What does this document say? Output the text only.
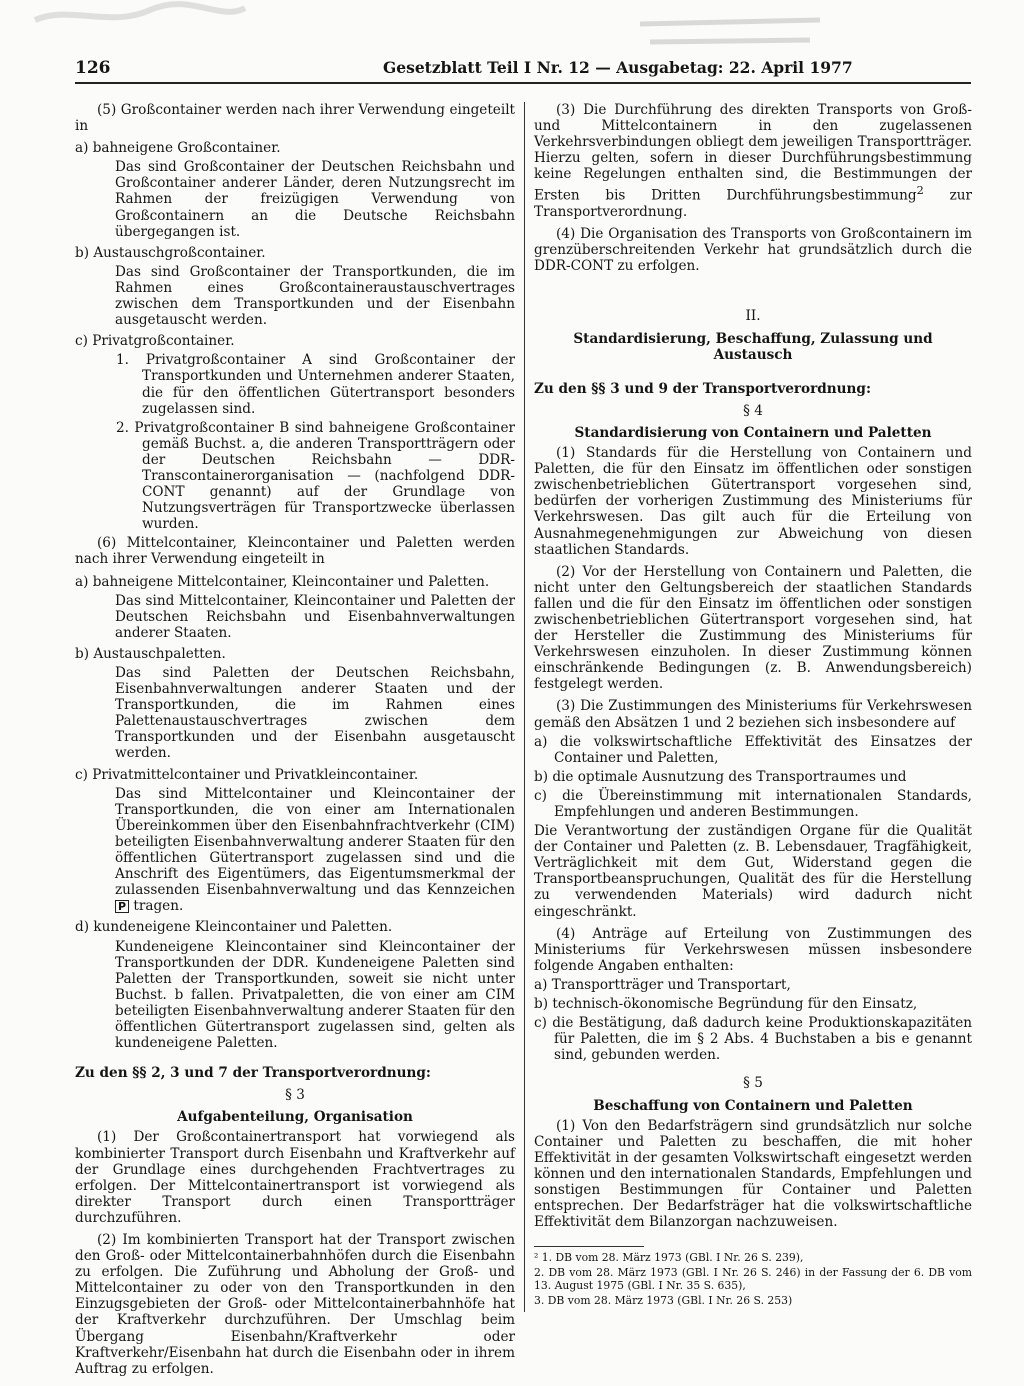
126	Gesetzblatt Teil I Nr. 12 — Ausgabetag: 22. April 1977

(5) Großcontainer werden nach ihrer Verwendung eingeteilt in

a) bahneigene Großcontainer.

Das sind Großcontainer der Deutschen Reichsbahn und Großcontainer anderer Länder, deren Nutzungsrecht im Rahmen der freizügigen Verwendung von Großcontainern an die Deutsche Reichsbahn übergegangen ist.

b) Austauschgroßcontainer.

Das sind Großcontainer der Transportkunden, die im Rahmen eines Großcontaineraustauschvertrages zwischen dem Transportkunden und der Eisenbahn ausgetauscht werden.

c) Privatgroßcontainer.

1. Privatgroßcontainer A sind Großcontainer der Transportkunden und Unternehmen anderer Staaten, die für den öffentlichen Gütertransport besonders zugelassen sind.

2. Privatgroßcontainer B sind bahneigene Großcontainer gemäß Buchst. a, die anderen Transportträgern oder der Deutschen Reichsbahn — DDR-Transcontainerorganisation — (nachfolgend DDR-CONT genannt) auf der Grundlage von Nutzungsverträgen für Transportzwecke überlassen wurden.

(6) Mittelcontainer, Kleincontainer und Paletten werden nach ihrer Verwendung eingeteilt in

a) bahneigene Mittelcontainer, Kleincontainer und Paletten.

Das sind Mittelcontainer, Kleincontainer und Paletten der Deutschen Reichsbahn und Eisenbahnverwaltungen anderer Staaten.

b) Austauschpaletten.

Das sind Paletten der Deutschen Reichsbahn, Eisenbahnverwaltungen anderer Staaten und der Transportkunden, die im Rahmen eines Palettenaustauschvertrages zwischen dem Transportkunden und der Eisenbahn ausgetauscht werden.

c) Privatmittelcontainer und Privatkleincontainer.

Das sind Mittelcontainer und Kleincontainer der Transportkunden, die von einer am Internationalen Übereinkommen über den Eisenbahnfrachtverkehr (CIM) beteiligten Eisenbahnverwaltung anderer Staaten für den öffentlichen Gütertransport zugelassen sind und die Anschrift des Eigentümers, das Eigentumsmerkmal der zulassenden Eisenbahnverwaltung und das Kennzeichen P tragen.

d) kundeneigene Kleincontainer und Paletten.

Kundeneigene Kleincontainer sind Kleincontainer der Transportkunden der DDR. Kundeneigene Paletten sind Paletten der Transportkunden, soweit sie nicht unter Buchst. b fallen. Privatpaletten, die von einer am CIM beteiligten Eisenbahnverwaltung anderer Staaten für den öffentlichen Gütertransport zugelassen sind, gelten als kundeneigene Paletten.

Zu den §§ 2, 3 und 7 der Transportverordnung:

§ 3

Aufgabenteilung, Organisation

(1) Der Großcontainertransport hat vorwiegend als kombinierter Transport durch Eisenbahn und Kraftverkehr auf der Grundlage eines durchgehenden Frachtvertrages zu erfolgen. Der Mittelcontainertransport ist vorwiegend als direkter Transport durch einen Transportträger durchzuführen.

(2) Im kombinierten Transport hat der Transport zwischen den Groß- oder Mittelcontainerbahnhöfen durch die Eisenbahn zu erfolgen. Die Zuführung und Abholung der Groß- und Mittelcontainer zu oder von den Transportkunden in den Einzugsgebieten der Groß- oder Mittelcontainerbahnhöfe hat der Kraftverkehr durchzuführen. Der Umschlag beim Übergang Eisenbahn/Kraftverkehr oder Kraftverkehr/Eisenbahn hat durch die Eisenbahn oder in ihrem Auftrag zu erfolgen.

(3) Die Durchführung des direkten Transports von Groß- und Mittelcontainern in den zugelassenen Verkehrsverbindungen obliegt dem jeweiligen Transportträger. Hierzu gelten, sofern in dieser Durchführungsbestimmung keine Regelungen enthalten sind, die Bestimmungen der Ersten bis Dritten Durchführungsbestimmung$^2$ zur Transportverordnung.

(4) Die Organisation des Transports von Großcontainern im grenzüberschreitenden Verkehr hat grundsätzlich durch die DDR-CONT zu erfolgen.

II.

Standardisierung, Beschaffung, Zulassung und Austausch

Zu den §§ 3 und 9 der Transportverordnung:

§ 4

Standardisierung von Containern und Paletten

(1) Standards für die Herstellung von Containern und Paletten, die für den Einsatz im öffentlichen oder sonstigen zwischenbetrieblichen Gütertransport vorgesehen sind, bedürfen der vorherigen Zustimmung des Ministeriums für Verkehrswesen. Das gilt auch für die Erteilung von Ausnahmegenehmigungen zur Abweichung von diesen staatlichen Standards.

(2) Vor der Herstellung von Containern und Paletten, die nicht unter den Geltungsbereich der staatlichen Standards fallen und die für den Einsatz im öffentlichen oder sonstigen zwischenbetrieblichen Gütertransport vorgesehen sind, hat der Hersteller die Zustimmung des Ministeriums für Verkehrswesen einzuholen. In dieser Zustimmung können einschränkende Bedingungen (z. B. Anwendungsbereich) festgelegt werden.

(3) Die Zustimmungen des Ministeriums für Verkehrswesen gemäß den Absätzen 1 und 2 beziehen sich insbesondere auf

a) die volkswirtschaftliche Effektivität des Einsatzes der Container und Paletten,

b) die optimale Ausnutzung des Transportraumes und

c) die Übereinstimmung mit internationalen Standards, Empfehlungen und anderen Bestimmungen.

Die Verantwortung der zuständigen Organe für die Qualität der Container und Paletten (z. B. Lebensdauer, Tragfähigkeit, Verträglichkeit mit dem Gut, Widerstand gegen die Transportbeanspruchungen, Qualität des für die Herstellung zu verwendenden Materials) wird dadurch nicht eingeschränkt.

(4) Anträge auf Erteilung von Zustimmungen des Ministeriums für Verkehrswesen müssen insbesondere folgende Angaben enthalten:

a) Transportträger und Transportart,

b) technisch-ökonomische Begründung für den Einsatz,

c) die Bestätigung, daß dadurch keine Produktionskapazitäten für Paletten, die im § 2 Abs. 4 Buchstaben a bis e genannt sind, gebunden werden.

§ 5

Beschaffung von Containern und Paletten

(1) Von den Bedarfsträgern sind grundsätzlich nur solche Container und Paletten zu beschaffen, die mit hoher Effektivität in der gesamten Volkswirtschaft eingesetzt werden können und den internationalen Standards, Empfehlungen und sonstigen Bestimmungen für Container und Paletten entsprechen. Der Bedarfsträger hat die volkswirtschaftliche Effektivität dem Bilanzorgan nachzuweisen.

² 1. DB vom 28. März 1973 (GBl. I Nr. 26 S. 239),

2. DB vom 28. März 1973 (GBl. I Nr. 26 S. 246) in der Fassung der 6. DB vom 13. August 1975 (GBl. I Nr. 35 S. 635),

3. DB vom 28. März 1973 (GBl. I Nr. 26 S. 253)
